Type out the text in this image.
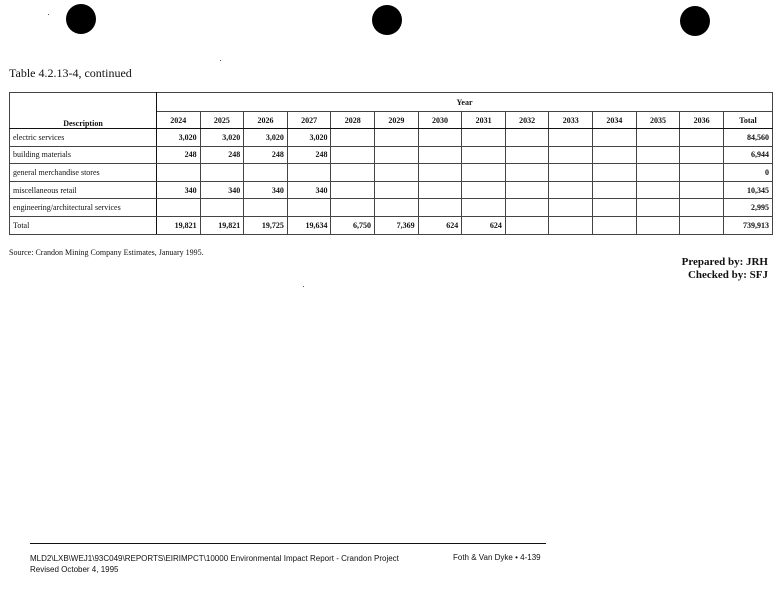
Table 4.2.13-4, continued
	Year													
Description	2024	2025	2026	2027	2028	2029	2030	2031	2032	2033	2034	2035	2036	Total
electric services	3,020	3,020	3,020	3,020										84,560
building materials	248	248	248	248										6,944
general merchandise stores														0
miscellaneous retail	340	340	340	340										10,345
engineering/architectural services														2,995
Total	19,821	19,821	19,725	19,634	6,750	7,369	624	624						739,913
Source: Crandon Mining Company Estimates, January 1995.
Prepared by: JRH
Checked by: SFJ
MLD2\LXB\WEJ1\93C049\REPORTS\EIRIMPCT\10000 Environmental Impact Report - Crandon Project
Revised October 4, 1995
Foth & Van Dyke • 4-139
